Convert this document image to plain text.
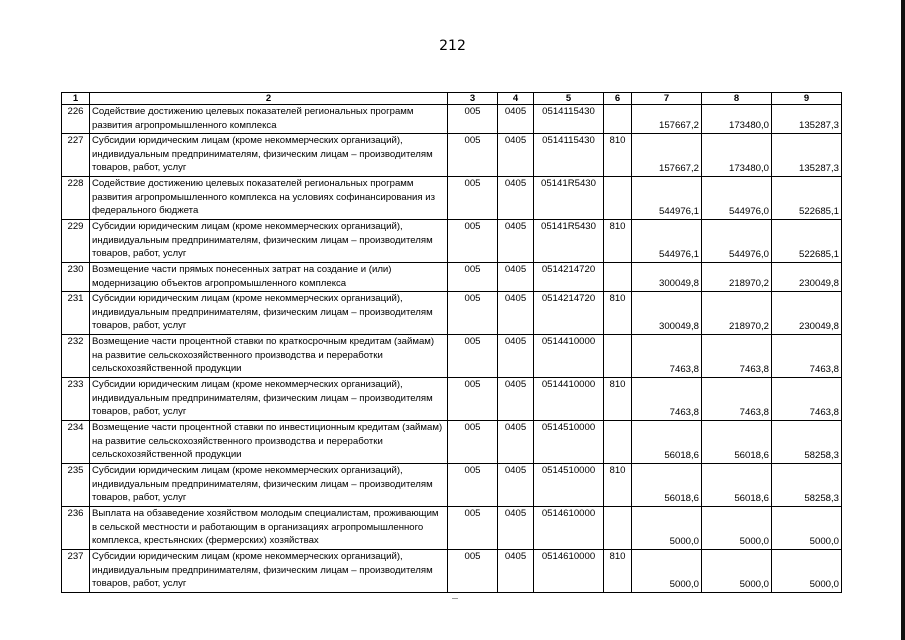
212
1	2	3	4	5	6	7	8	9
226	Содействие достижению целевых показателей региональных программ развития агропромышленного комплекса	005	0405	0514115430		157667,2	173480,0	135287,3
227	Субсидии юридическим лицам (кроме некоммерческих организаций), индивидуальным предпринимателям, физическим лицам – производителям товаров, работ, услуг	005	0405	0514115430	810	157667,2	173480,0	135287,3
228	Содействие достижению целевых показателей региональных программ развития агропромышленного комплекса на условиях софинансирования из федерального бюджета	005	0405	05141R5430		544976,1	544976,0	522685,1
229	Субсидии юридическим лицам (кроме некоммерческих организаций), индивидуальным предпринимателям, физическим лицам – производителям товаров, работ, услуг	005	0405	05141R5430	810	544976,1	544976,0	522685,1
230	Возмещение части прямых понесенных затрат на создание и (или) модернизацию объектов агропромышленного комплекса	005	0405	0514214720		300049,8	218970,2	230049,8
231	Субсидии юридическим лицам (кроме некоммерческих организаций), индивидуальным предпринимателям, физическим лицам – производителям товаров, работ, услуг	005	0405	0514214720	810	300049,8	218970,2	230049,8
232	Возмещение части процентной ставки по краткосрочным кредитам (займам) на развитие сельскохозяйственного производства и переработки сельскохозяйственной продукции	005	0405	0514410000		7463,8	7463,8	7463,8
233	Субсидии юридическим лицам (кроме некоммерческих организаций), индивидуальным предпринимателям, физическим лицам – производителям товаров, работ, услуг	005	0405	0514410000	810	7463,8	7463,8	7463,8
234	Возмещение части процентной ставки по инвестиционным кредитам (займам) на развитие сельскохозяйственного производства и переработки сельскохозяйственной продукции	005	0405	0514510000		56018,6	56018,6	58258,3
235	Субсидии юридическим лицам (кроме некоммерческих организаций), индивидуальным предпринимателям, физическим лицам – производителям товаров, работ, услуг	005	0405	0514510000	810	56018,6	56018,6	58258,3
236	Выплата на обзаведение хозяйством молодым специалистам, проживающим в сельской местности и работающим в организациях агропромышленного комплекса, крестьянских (фермерских) хозяйствах	005	0405	0514610000		5000,0	5000,0	5000,0
237	Субсидии юридическим лицам (кроме некоммерческих организаций), индивидуальным предпринимателям, физическим лицам – производителям товаров, работ, услуг	005	0405	0514610000	810	5000,0	5000,0	5000,0
